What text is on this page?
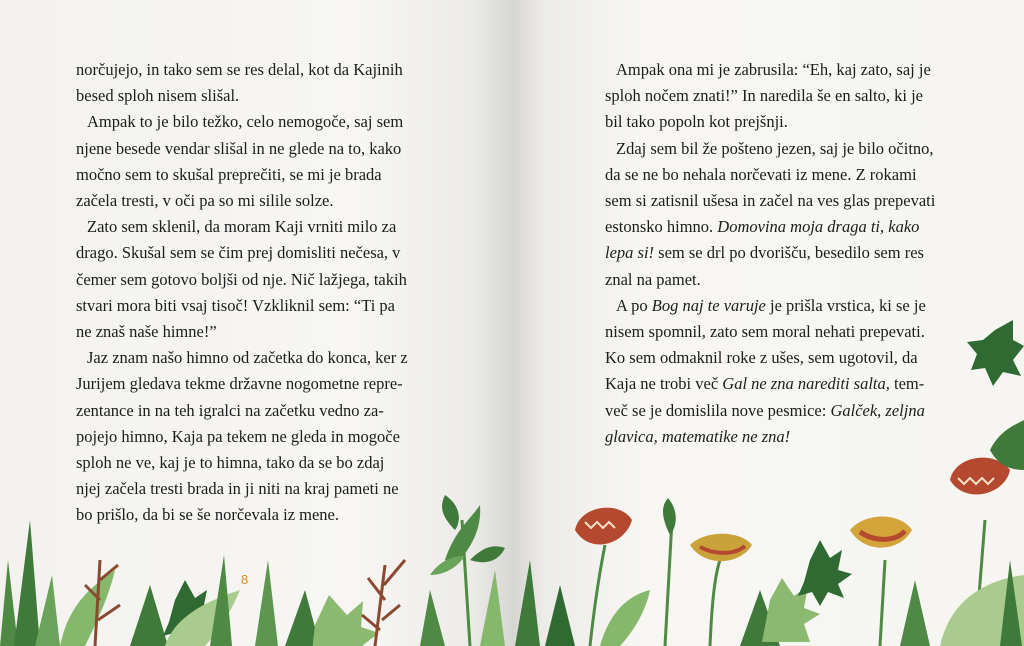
norčujejo, in tako sem se res delal, kot da Kajinih
besed sploh nisem slišal.

Ampak to je bilo težko, celo nemogoče, saj sem
njene besede vendar slišal in ne glede na to, kako
močno sem to skušal preprečiti, se mi je brada
začela tresti, v oči pa so mi silile solze.

Zato sem sklenil, da moram Kaji vrniti milo za
drago. Skušal sem se čim prej domisliti nečesa, v
čemer sem gotovo boljši od nje. Nič lažjega, takih
stvari mora biti vsaj tisoč! Vzkliknil sem: “Ti pa
ne znaš naše himne!”

Jaz znam našo himno od začetka do konca, ker z
Jurijem gledava tekme državne nogometne repre-
zentance in na teh igralci na začetku vedno za-
pojejo himno, Kaja pa tekem ne gleda in mogoče
sploh ne ve, kaj je to himna, tako da se bo zdaj
njej začela tresti brada in ji niti na kraj pameti ne
bo prišlo, da bi se še norčevala iz mene.

Ampak ona mi je zabrusila: “Eh, kaj zato, saj je
sploh nočem znati!” In naredila še en salto, ki je
bil tako popoln kot prejšnji.

Zdaj sem bil že pošteno jezen, saj je bilo očitno,
da se ne bo nehala norčevati iz mene. Z rokami
sem si zatisnil ušesa in začel na ves glas prepevati
estonsko himno. Domovina moja draga ti, kako
lepa si! sem se drl po dvorišču, besedilo sem res
znal na pamet.

A po Bog naj te varuje je prišla vrstica, ki se je
nisem spomnil, zato sem moral nehati prepevati.
Ko sem odmaknil roke z ušes, sem ugotovil, da
Kaja ne trobi več Gal ne zna narediti salta, tem-
več se je domislila nove pesmice: Galček, zeljna
glavica, matematike ne zna!

8
